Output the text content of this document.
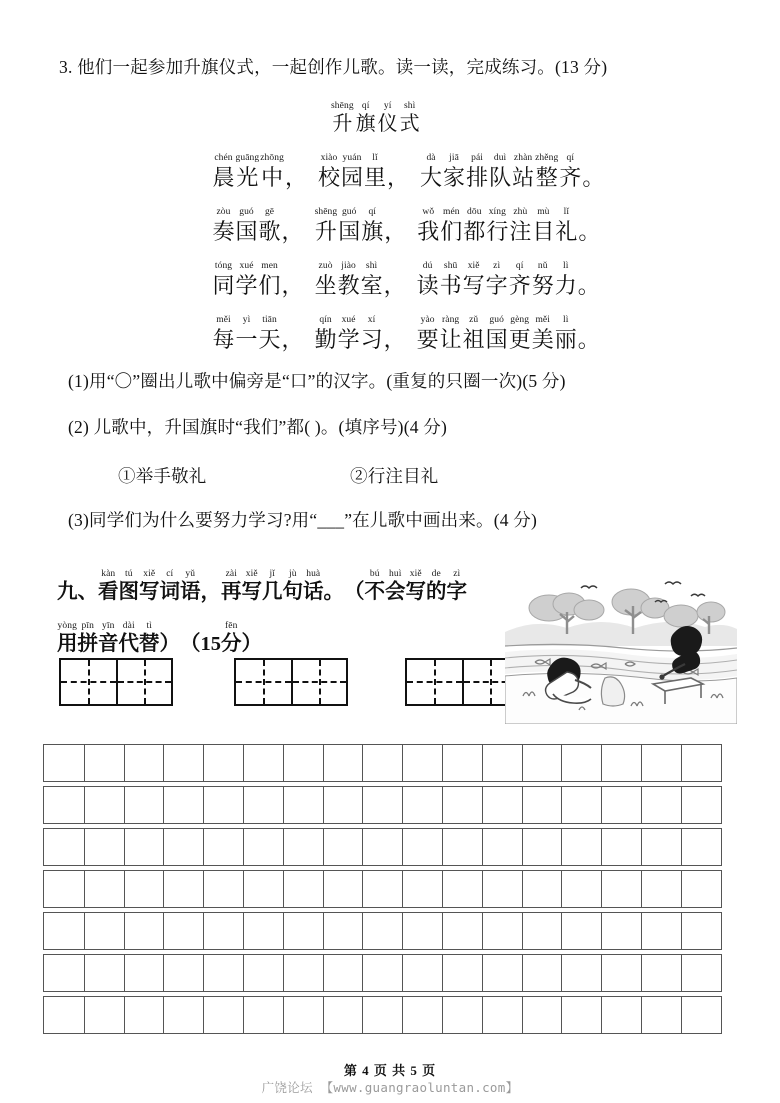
3. 他们一起参加升旗仪式，一起创作儿歌。读一读，完成练习。(13 分)
shēng
升
qí
旗
yí
仪
shì
式
chén
晨
guāng
光
zhōng
中
，
xiào
校
yuán
园
lǐ
里
，
dà
大
jiā
家
pái
排
duì
队
zhàn
站
zhěng
整
qí
齐
。
zòu
奏
guó
国
gē
歌
，
shēng
升
guó
国
qí
旗
，
wǒ
我
mén
们
dōu
都
xíng
行
zhù
注
mù
目
lǐ
礼
。
tóng
同
xué
学
men
们
，
zuò
坐
jiào
教
shì
室
，
dú
读
shū
书
xiě
写
zì
字
qí
齐
nǔ
努
lì
力
。
měi
每
yì
一
tiān
天
，
qín
勤
xué
学
xí
习
，
yào
要
ràng
让
zǔ
祖
guó
国
gèng
更
měi
美
lì
丽
。
(1)用“〇”圈出儿歌中偏旁是“口”的汉字。(重复的只圈一次)(5 分)
(2) 儿歌中，升国旗时“我们”都( )。(填序号)(4 分)
①举手敬礼	②行注目礼
(3)同学们为什么要努力学习?用“___”在儿歌中画出来。(4 分)

九、
kàn
看
tú
图
xiě
写
cí
词
yǔ
语
，
zài
再
xiě
写
jǐ
几
jù
句
huà
话
。
（
bú
不
huì
会
xiě
写
de
的
zì
字
yòng
用
pīn
拼
yīn
音
dài
代
tì
替
）
（
15
fēn
分
）
第 4 页 共 5 页
广饶论坛 【www.guangraoluntan.com】
